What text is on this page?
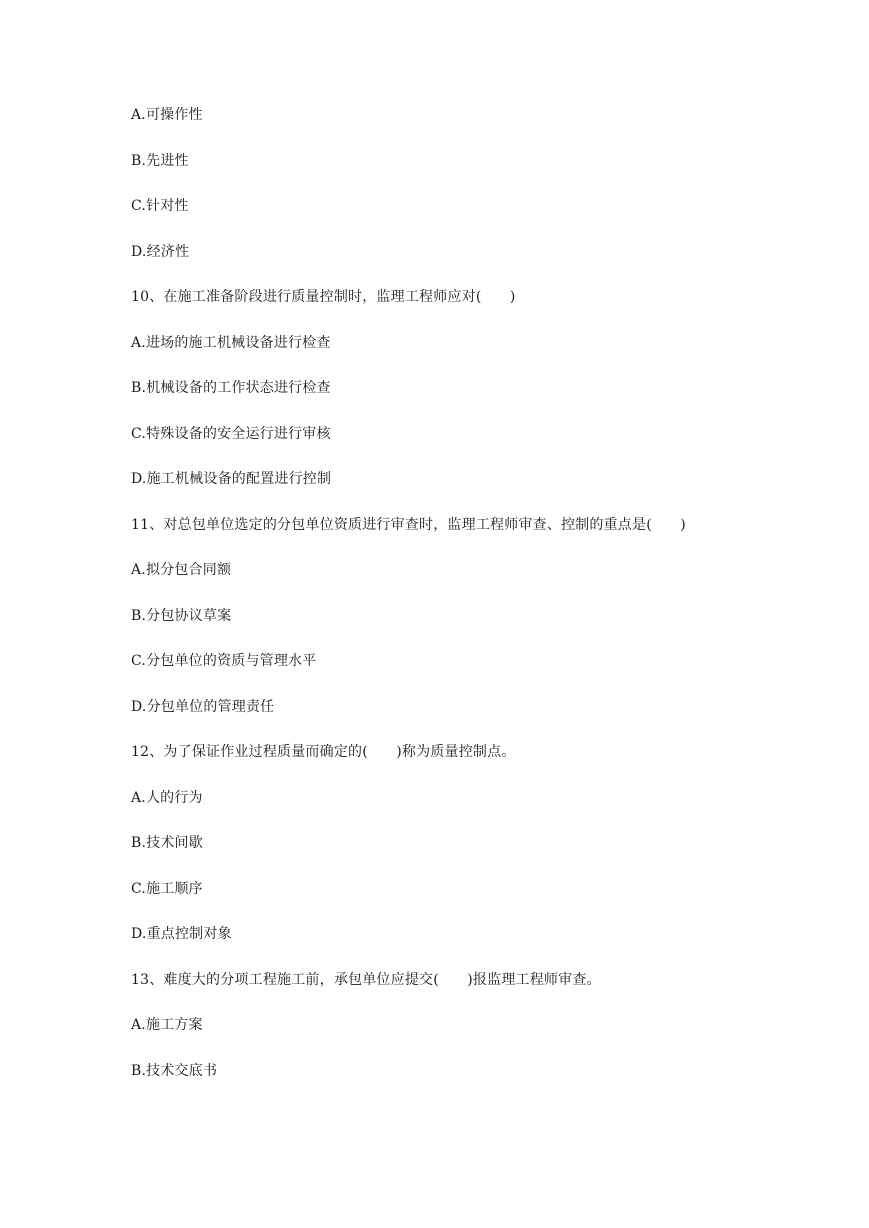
A.可操作性
B.先进性
C.针对性
D.经济性
10、在施工准备阶段进行质量控制时，监理工程师应对(　　)
A.进场的施工机械设备进行检查
B.机械设备的工作状态进行检查
C.特殊设备的安全运行进行审核
D.施工机械设备的配置进行控制
11、对总包单位选定的分包单位资质进行审查时，监理工程师审查、控制的重点是(　　)
A.拟分包合同额
B.分包协议草案
C.分包单位的资质与管理水平
D.分包单位的管理责任
12、为了保证作业过程质量而确定的(　　)称为质量控制点。
A.人的行为
B.技术间歇
C.施工顺序
D.重点控制对象
13、难度大的分项工程施工前，承包单位应提交(　　)报监理工程师审查。
A.施工方案
B.技术交底书
